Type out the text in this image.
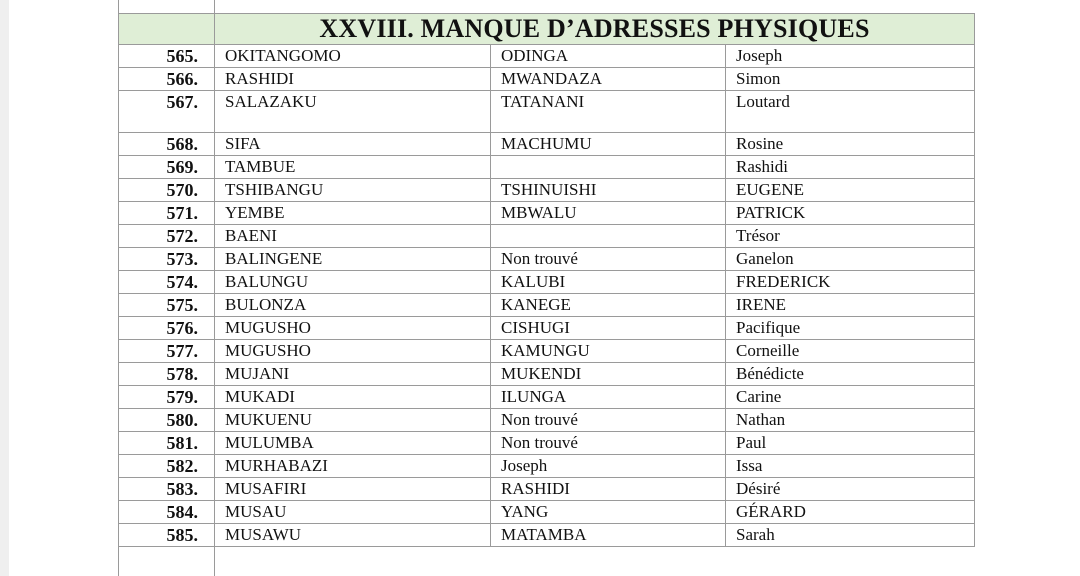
	XXVIII. MANQUE D’ADRESSES PHYSIQUES		
565.	OKITANGOMO	ODINGA	Joseph
566.	RASHIDI	MWANDAZA	Simon
567.	SALAZAKU	TATANANI	Loutard
568.	SIFA	MACHUMU	Rosine
569.	TAMBUE		Rashidi
570.	TSHIBANGU	TSHINUISHI	EUGENE
571.	YEMBE	MBWALU	PATRICK
572.	BAENI		Trésor
573.	BALINGENE	Non trouvé	Ganelon
574.	BALUNGU	KALUBI	FREDERICK
575.	BULONZA	KANEGE	IRENE
576.	MUGUSHO	CISHUGI	Pacifique
577.	MUGUSHO	KAMUNGU	Corneille
578.	MUJANI	MUKENDI	Bénédicte
579.	MUKADI	ILUNGA	Carine
580.	MUKUENU	Non trouvé	Nathan
581.	MULUMBA	Non trouvé	Paul
582.	MURHABAZI	Joseph	Issa
583.	MUSAFIRI	RASHIDI	Désiré
584.	MUSAU	YANG	GÉRARD
585.	MUSAWU	MATAMBA	Sarah
